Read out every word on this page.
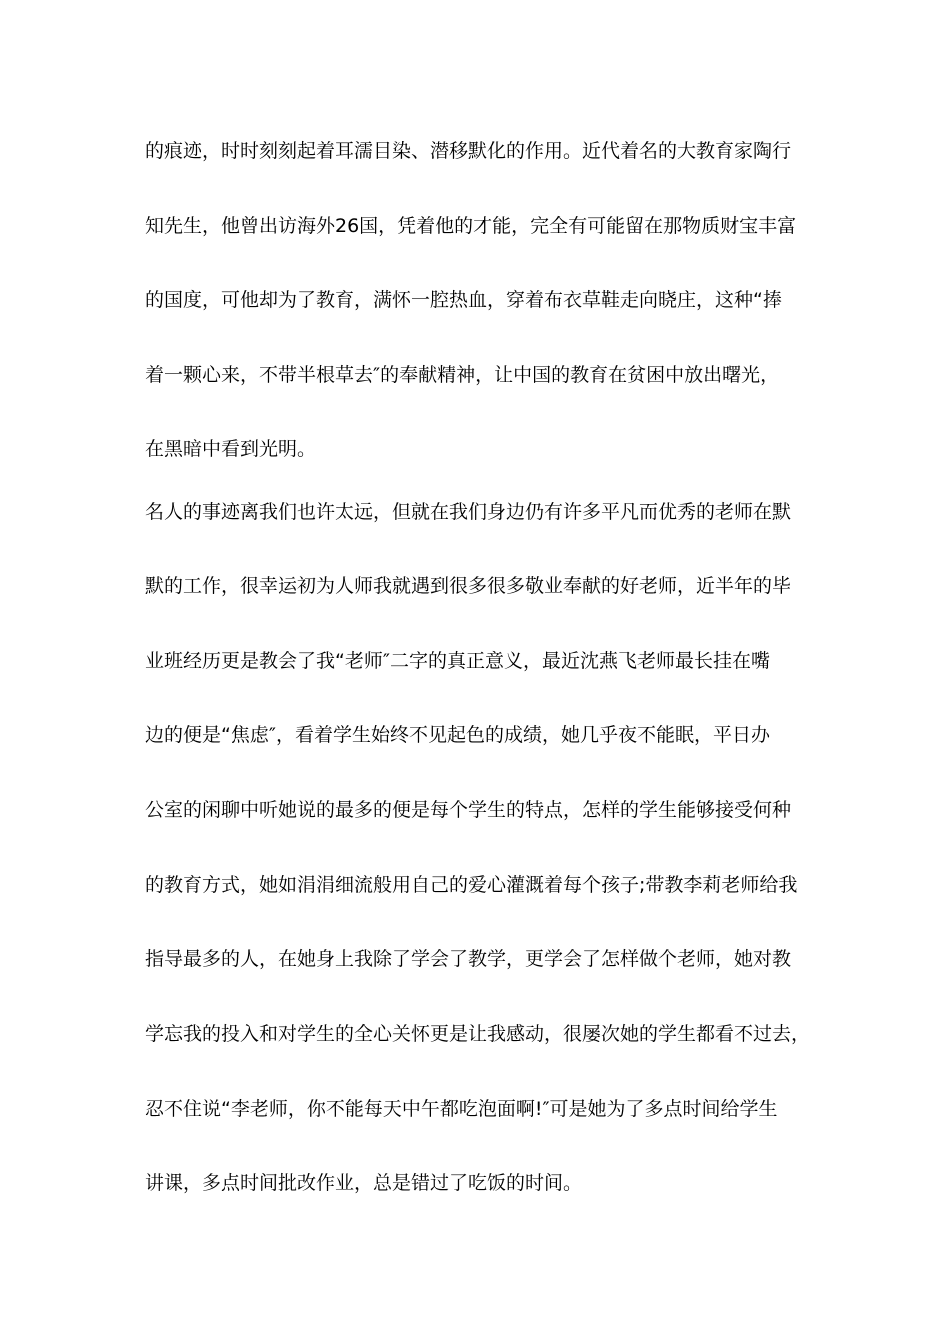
的痕迹，时时刻刻起着耳濡目染、潜移默化的作用。近代着名的大教育家陶行
知先生，他曾出访海外26国，凭着他的才能，完全有可能留在那物质财宝丰富
的国度，可他却为了教育，满怀一腔热血，穿着布衣草鞋走向晓庄，这种“捧
着一颗心来，不带半根草去″的奉献精神，让中国的教育在贫困中放出曙光，
在黑暗中看到光明。
名人的事迹离我们也许太远，但就在我们身边仍有许多平凡而优秀的老师在默
默的工作，很幸运初为人师我就遇到很多很多敬业奉献的好老师，近半年的毕
业班经历更是教会了我“老师″二字的真正意义，最近沈燕飞老师最长挂在嘴
边的便是“焦虑″，看着学生始终不见起色的成绩，她几乎夜不能眠，平日办
公室的闲聊中听她说的最多的便是每个学生的特点，怎样的学生能够接受何种
的教育方式，她如涓涓细流般用自己的爱心灌溉着每个孩子;带教李莉老师给我
指导最多的人，在她身上我除了学会了教学，更学会了怎样做个老师，她对教
学忘我的投入和对学生的全心关怀更是让我感动，很屡次她的学生都看不过去，
忍不住说“李老师，你不能每天中午都吃泡面啊!″可是她为了多点时间给学生
讲课，多点时间批改作业，总是错过了吃饭的时间。
